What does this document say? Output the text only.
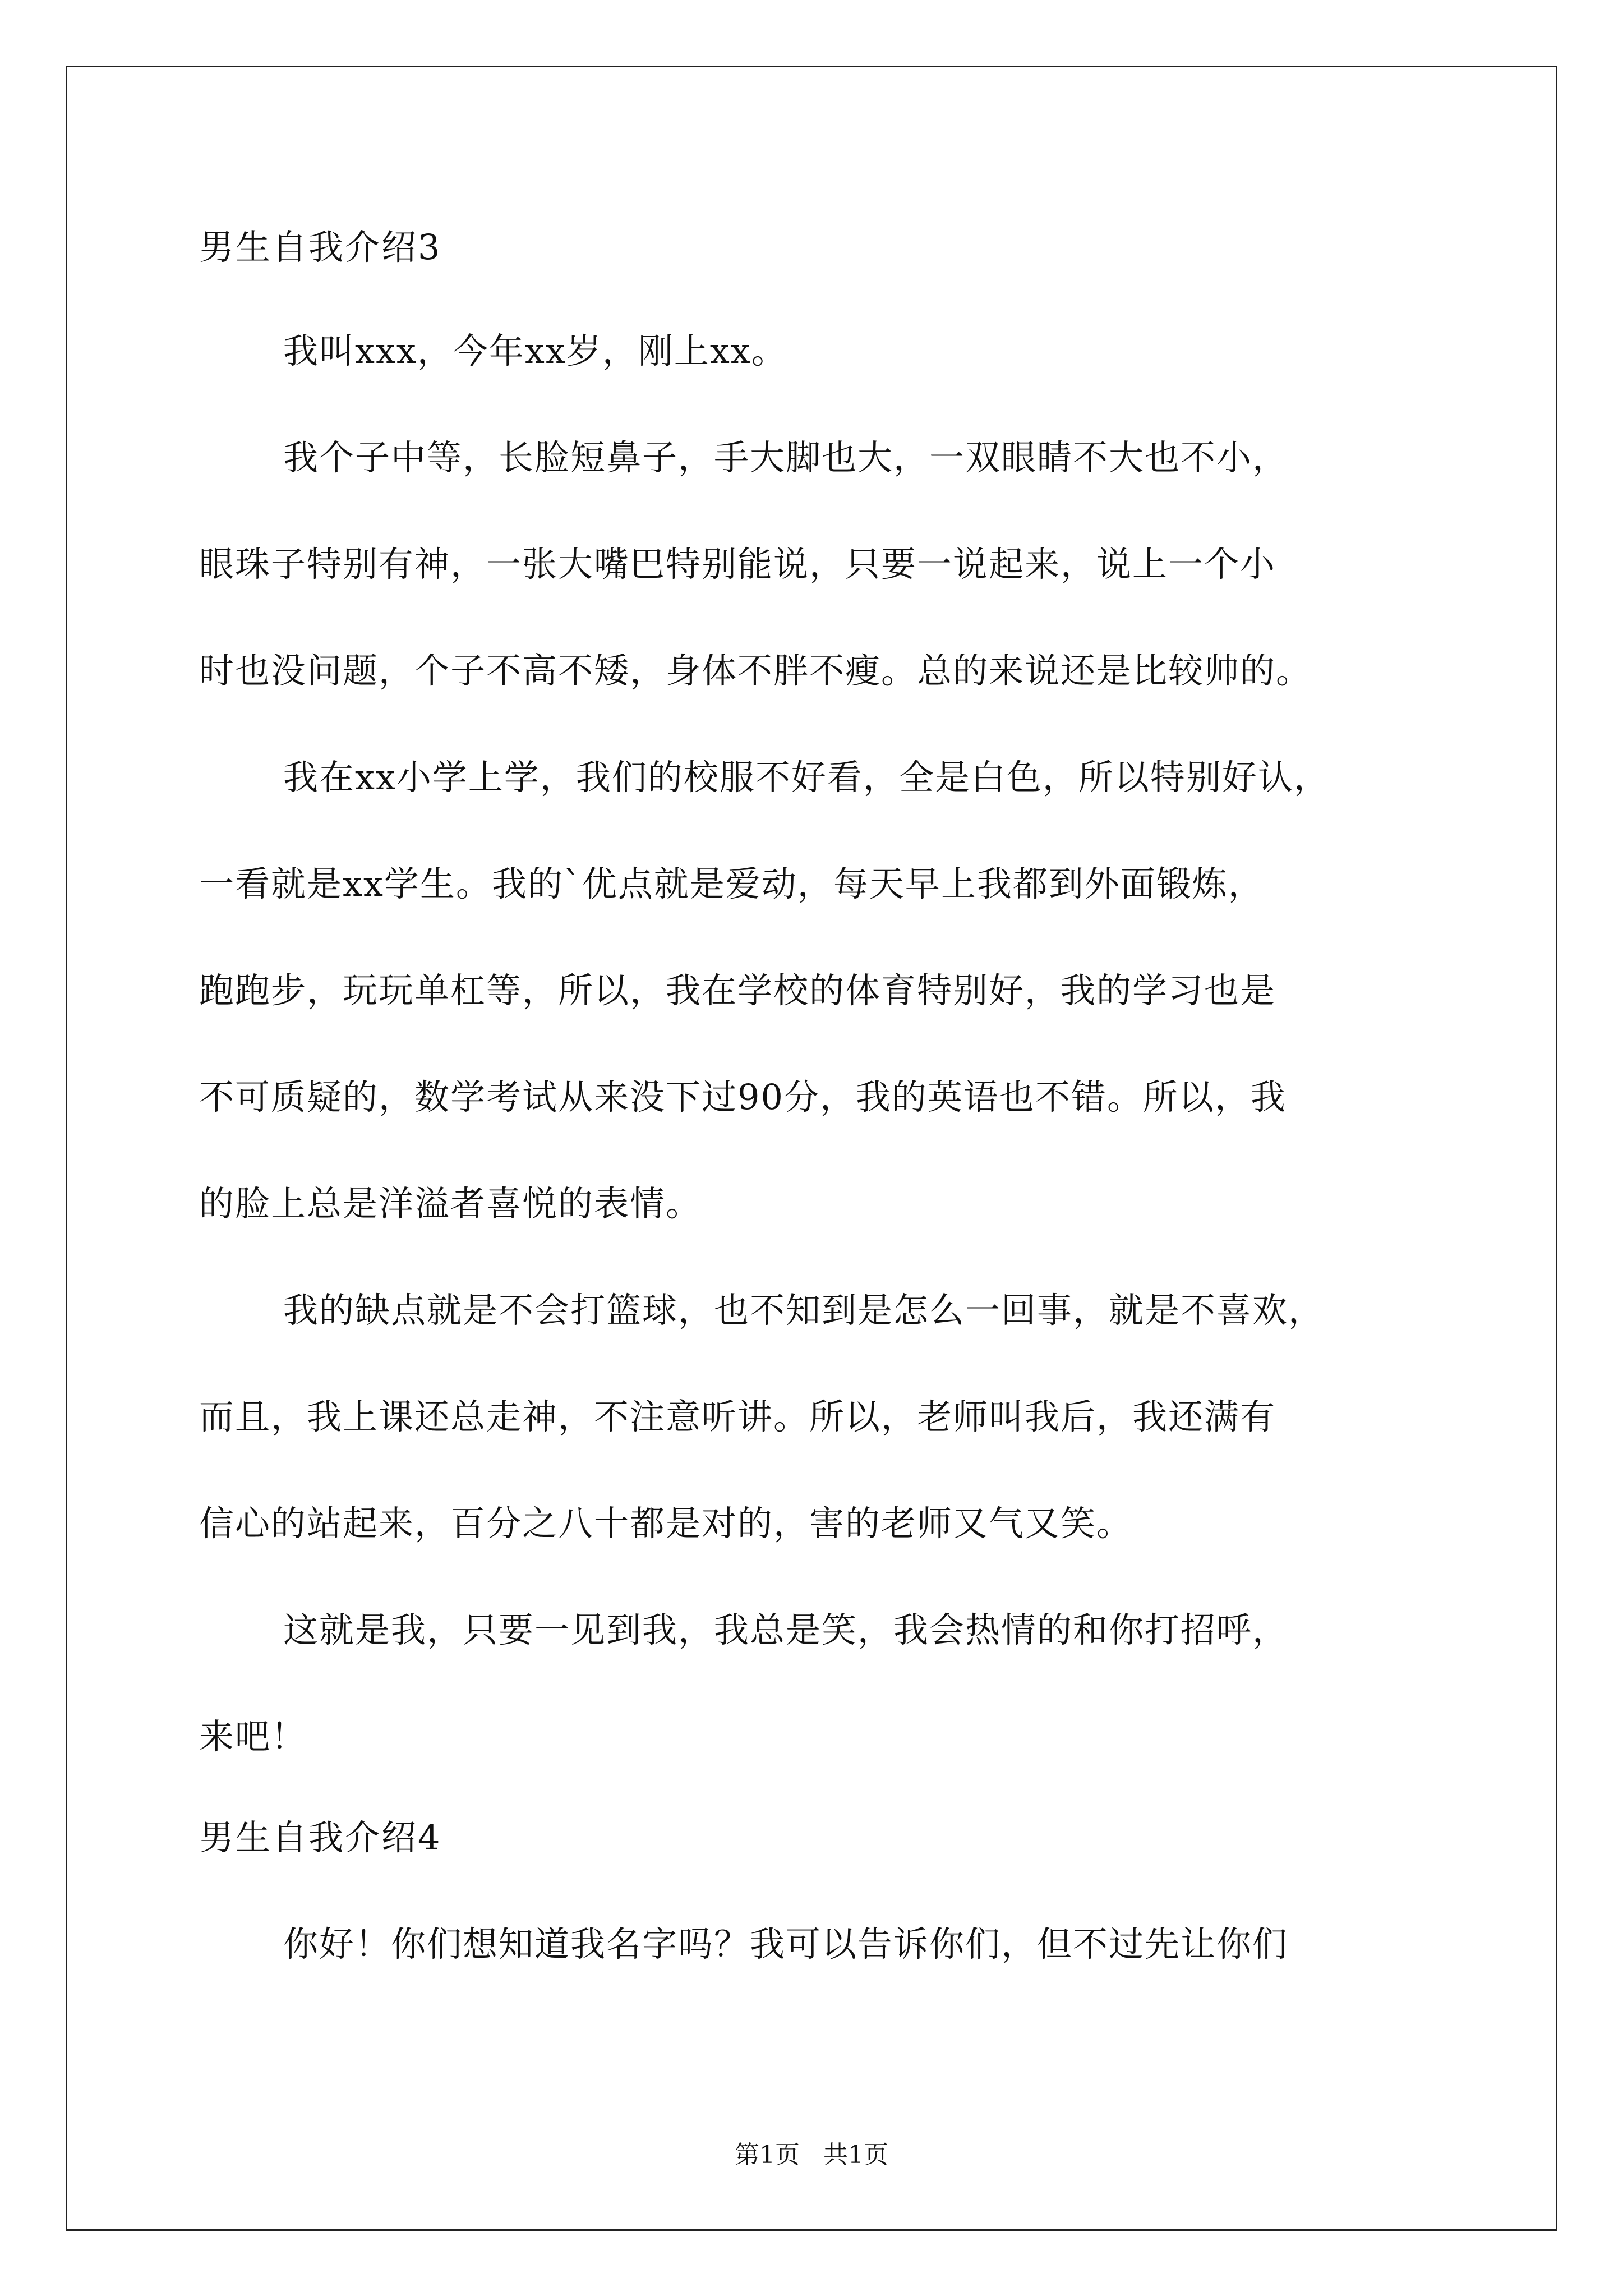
男生自我介绍3
我叫xxx，今年xx岁，刚上xx。
我个子中等，长脸短鼻子，手大脚也大，一双眼睛不大也不小，
眼珠子特别有神，一张大嘴巴特别能说，只要一说起来，说上一个小
时也没问题，个子不高不矮，身体不胖不瘦。总的来说还是比较帅的。
我在xx小学上学，我们的校服不好看，全是白色，所以特别好认，
一看就是xx学生。我的`优点就是爱动，每天早上我都到外面锻炼，
跑跑步，玩玩单杠等，所以，我在学校的体育特别好，我的学习也是
不可质疑的，数学考试从来没下过90分，我的英语也不错。所以，我
的脸上总是洋溢者喜悦的表情。
我的缺点就是不会打篮球，也不知到是怎么一回事，就是不喜欢，
而且，我上课还总走神，不注意听讲。所以，老师叫我后，我还满有
信心的站起来，百分之八十都是对的，害的老师又气又笑。
这就是我，只要一见到我，我总是笑，我会热情的和你打招呼，
来吧！
男生自我介绍4
你好！你们想知道我名字吗？我可以告诉你们，但不过先让你们
第1页   共1页
